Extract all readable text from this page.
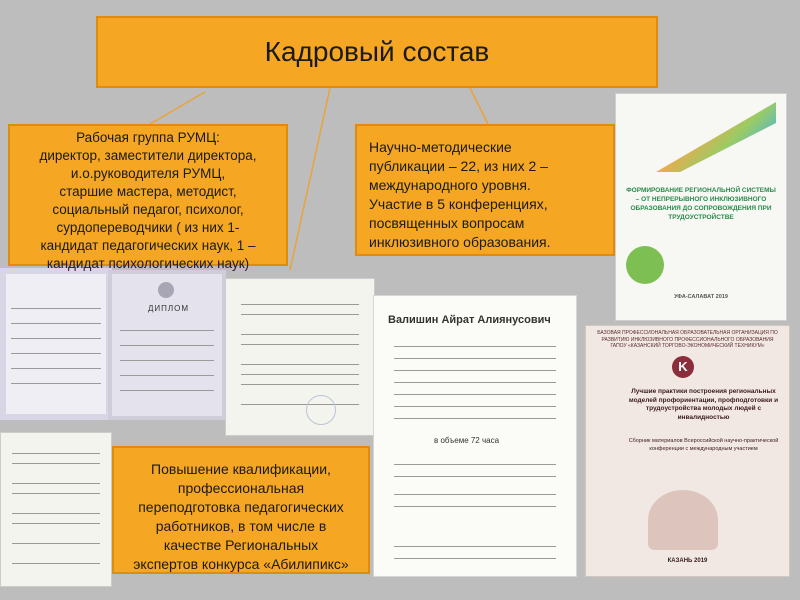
Кадровый состав
ДИПЛОМ
Валишин Айрат Алиянусович
в объеме 72 часа
ФОРМИРОВАНИЕ РЕГИОНАЛЬНОЙ СИСТЕМЫ – ОТ НЕПРЕРЫВНОГО ИНКЛЮЗИВНОГО ОБРАЗОВАНИЯ ДО СОПРОВОЖДЕНИЯ ПРИ ТРУДОУСТРОЙСТВЕ
УФА-САЛАВАТ 2019
БАЗОВАЯ ПРОФЕССИОНАЛЬНАЯ ОБРАЗОВАТЕЛЬНАЯ ОРГАНИЗАЦИЯ ПО РАЗВИТИЮ ИНКЛЮЗИВНОГО ПРОФЕССИОНАЛЬНОГО ОБРАЗОВАНИЯ ГАПОУ «КАЗАНСКИЙ ТОРГОВО-ЭКОНОМИЧЕСКИЙ ТЕХНИКУМ»
K
Лучшие практики построения региональных моделей профориентации, профподготовки и трудоустройства молодых людей с инвалидностью
Сборник материалов Всероссийской научно-практической конференции с международным участием
КАЗАНЬ 2019
Рабочая группа РУМЦ:
директор, заместители директора,
и.о.руководителя РУМЦ,
старшие мастера, методист,
социальный педагог, психолог,
сурдопереводчики ( из них 1-
кандидат педагогических наук, 1 –
кандидат психологических наук)
Научно-методические
публикации – 22, из них 2 –
международного уровня.
Участие в 5 конференциях,
посвященных вопросам
инклюзивного образования.
Повышение квалификации,
профессиональная
переподготовка педагогических
работников, в том числе в
качестве Региональных
экспертов конкурса «Абилипикс»
